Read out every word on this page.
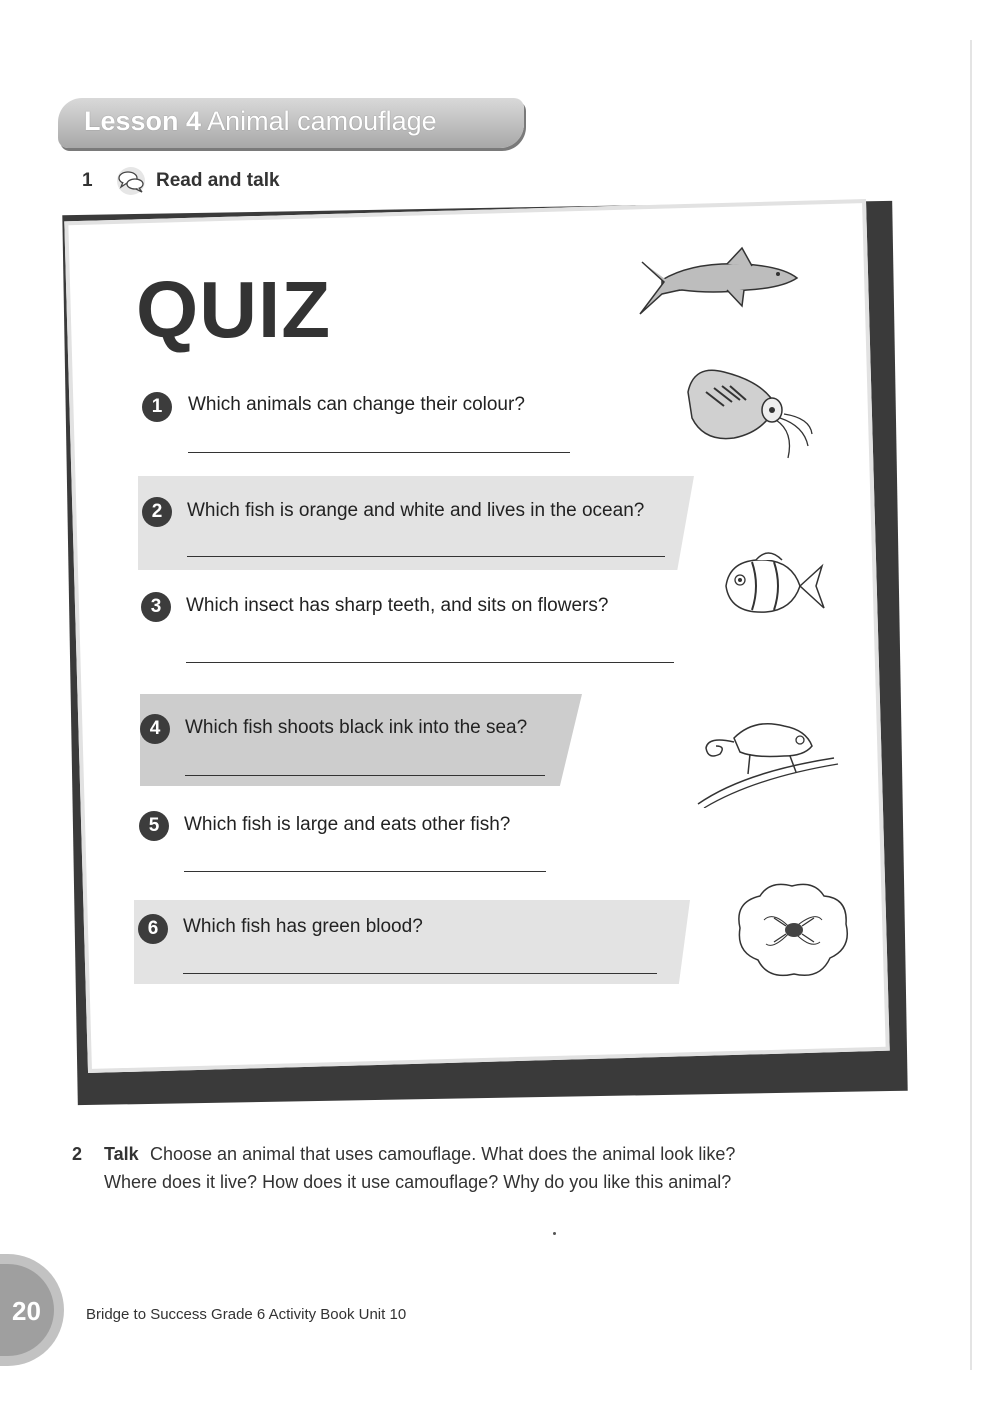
Lesson 4 Animal camouflage
1	Read and talk
QUIZ
1	Which animals can change their colour?
2	Which fish is orange and white and lives in the ocean?
3	Which insect has sharp teeth, and sits on flowers?
4	Which fish shoots black ink into the sea?
5	Which fish is large and eats other fish?
6	Which fish has green blood?
2 Talk Choose an animal that uses camouflage. What does the animal look like?
Where does it live? How does it use camouflage? Why do you like this animal?
20	Bridge to Success Grade 6 Activity Book Unit 10
